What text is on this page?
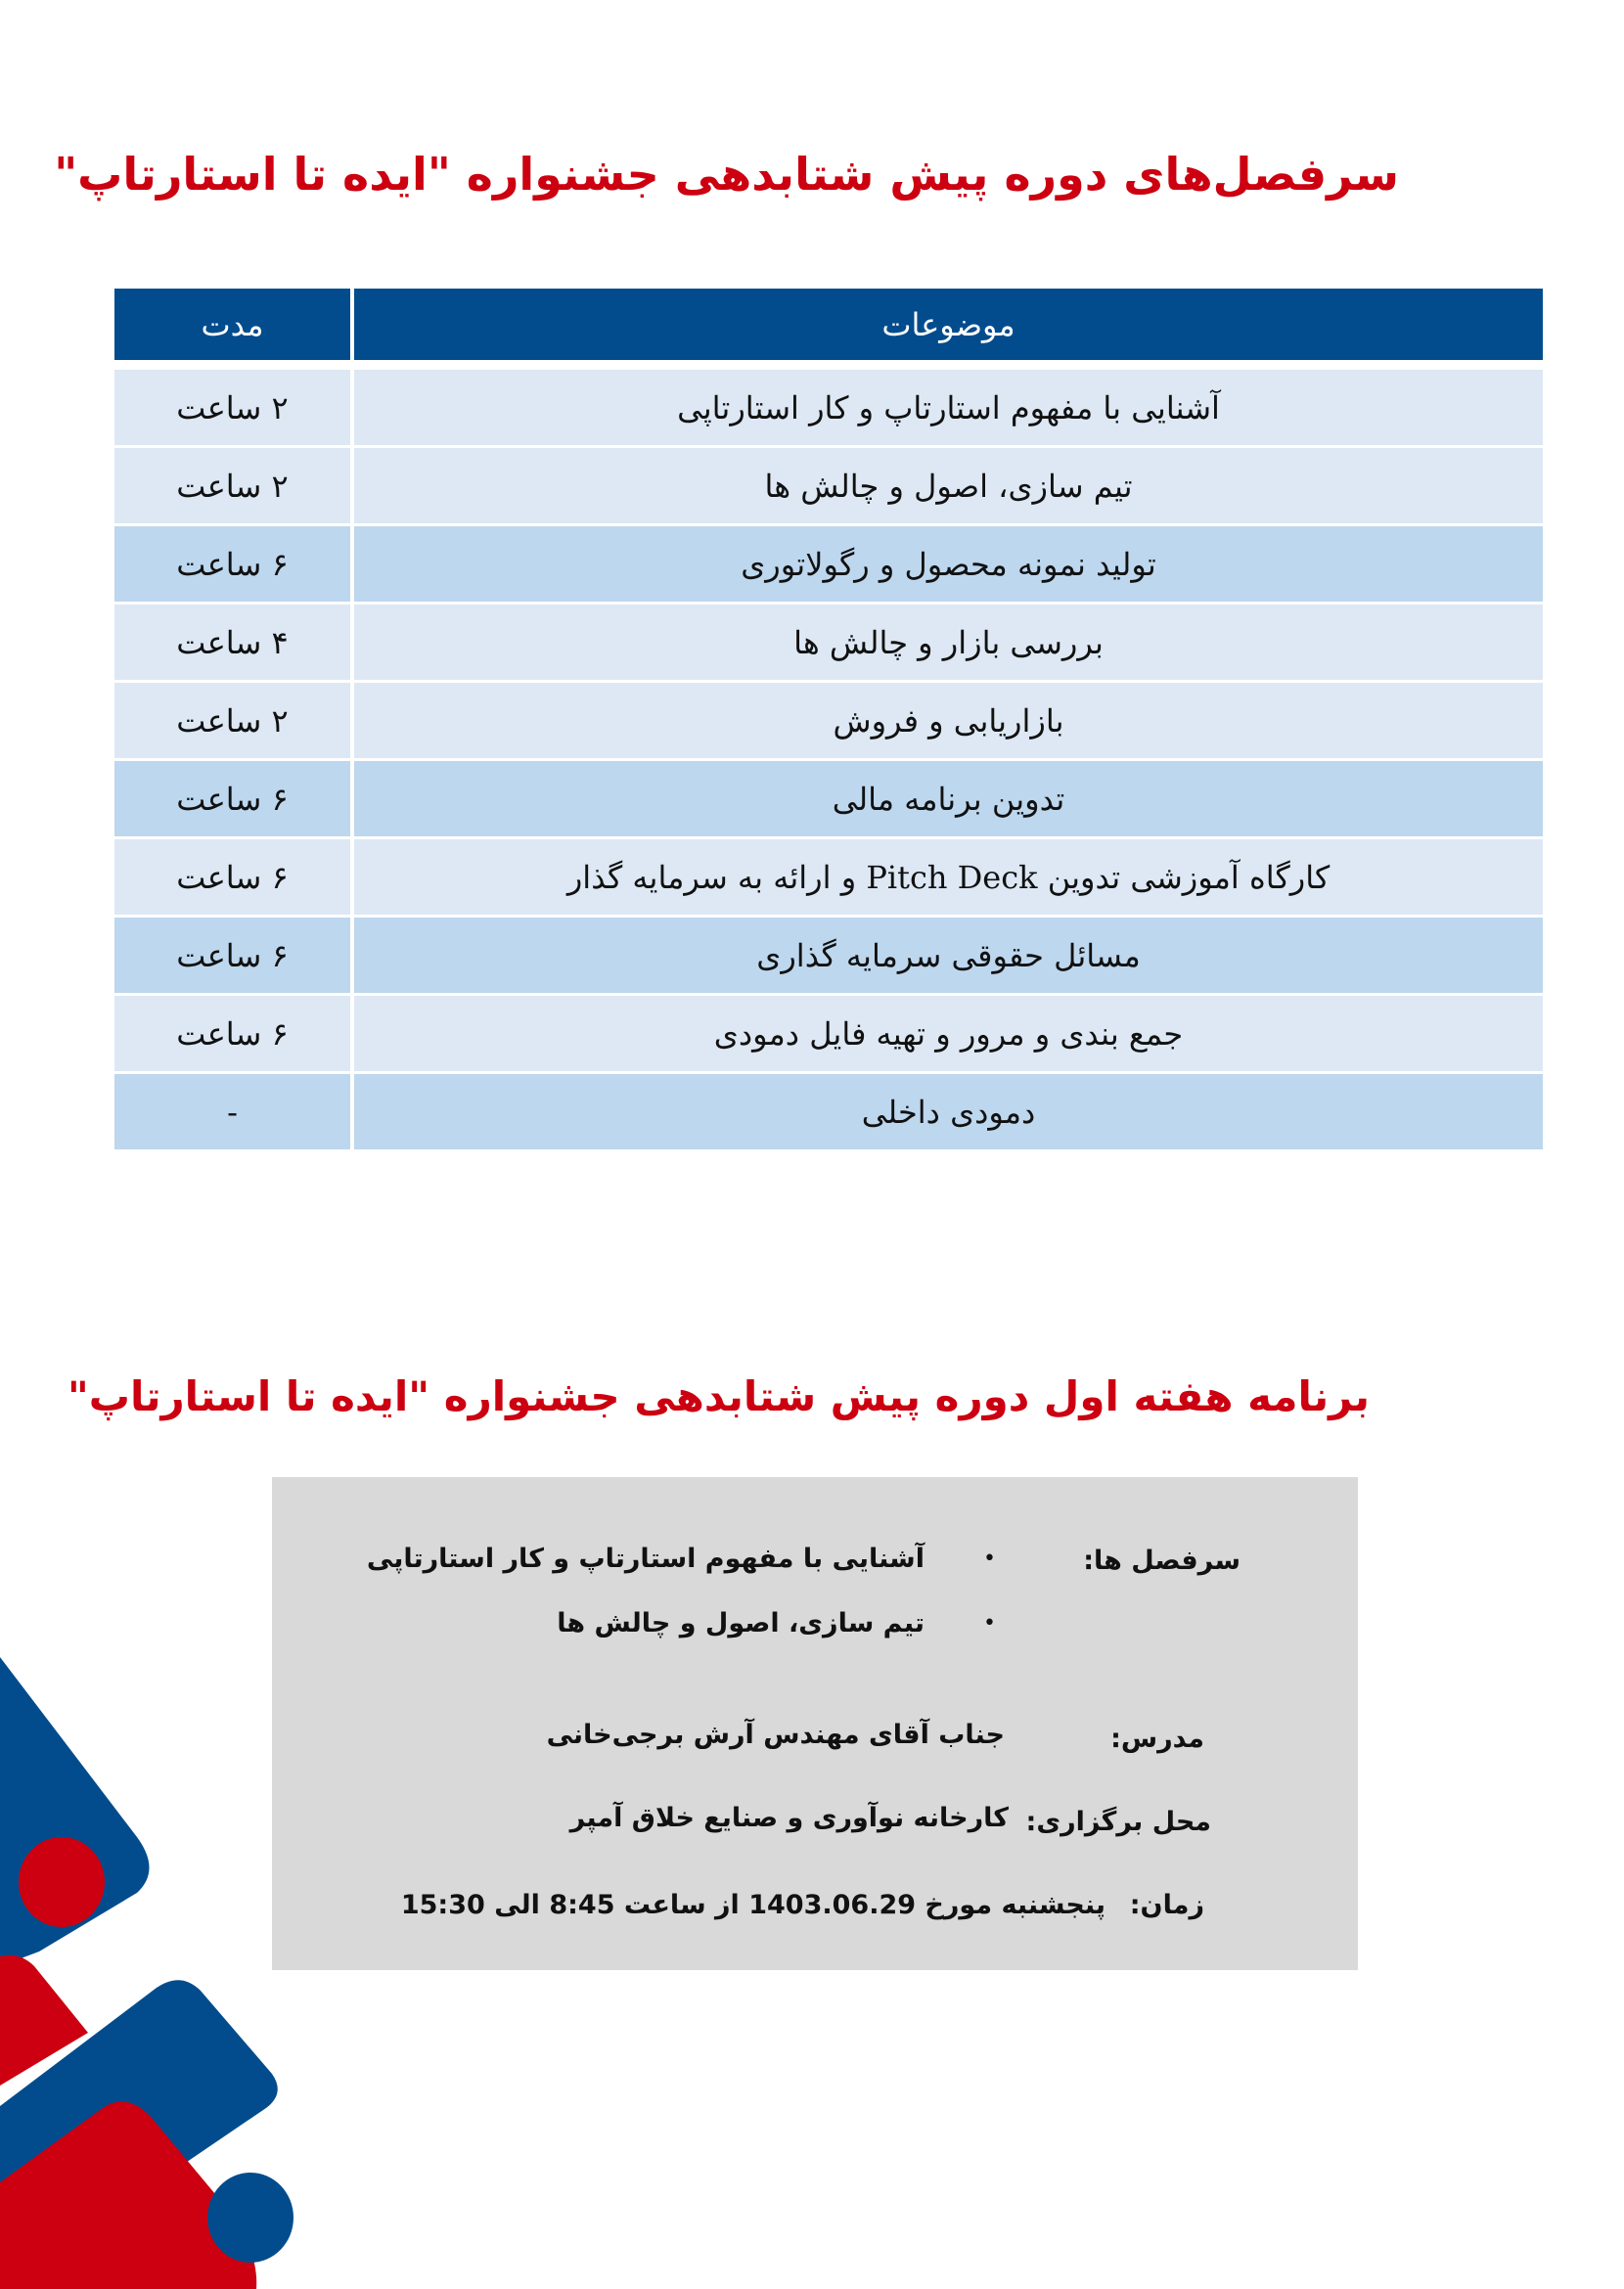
سرفصل‌های دوره پیش شتابدهی جشنواره "ایده تا استارتاپ"
موضوعات
مدت
آشنایی با مفهوم استارتاپ و کار استارتاپی
۲ ساعت
تیم سازی، اصول و چالش ها
۲ ساعت
تولید نمونه محصول و رگولاتوری
۶ ساعت
بررسی بازار و چالش ها
۴ ساعت
بازاریابی و فروش
۲ ساعت
تدوین برنامه مالی
۶ ساعت
کارگاه آموزشی تدوین Pitch Deck و ارائه به سرمایه گذار
۶ ساعت
مسائل حقوقی سرمایه گذاری
۶ ساعت
جمع بندی و مرور و تهیه فایل دمودی
۶ ساعت
دمودی داخلی
-
برنامه هفته اول دوره پیش شتابدهی جشنواره "ایده تا استارتاپ"
سرفصل ها:
•
آشنایی با مفهوم استارتاپ و کار استارتاپی
•
تیم سازی، اصول و چالش ها
مدرس:
جناب آقای مهندس آرش برجی‌خانی
محل برگزاری:
کارخانه نوآوری و صنایع خلاق آمپر
زمان:
پنجشنبه مورخ 1403.06.29 از ساعت 8:45 الی 15:30
